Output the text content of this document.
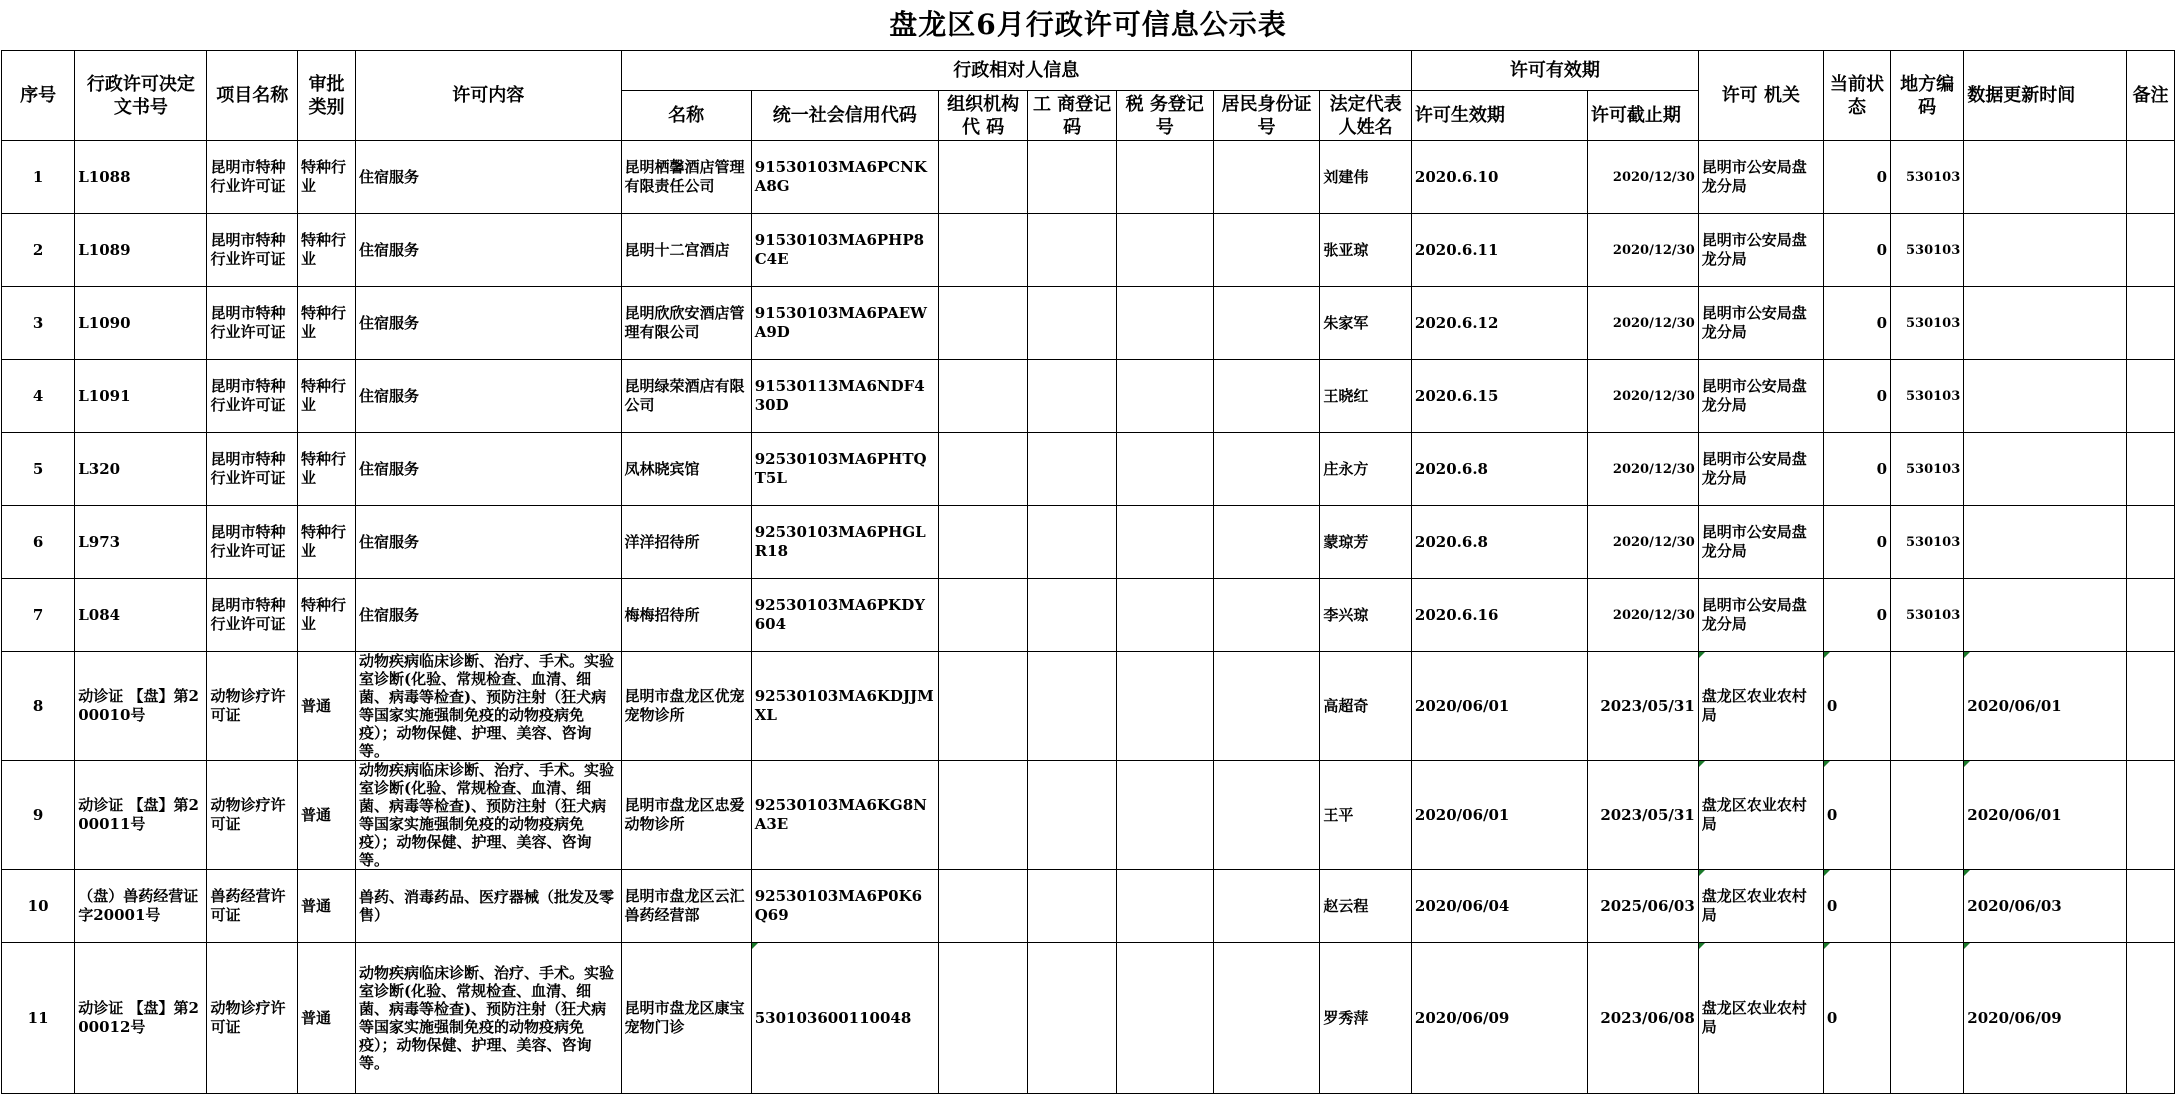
盘龙区6月行政许可信息公示表
序号	行政许可决定文书号	项目名称	审批类别	许可内容	行政相对人信息							许可有效期		许可 机关	当前状态	地方编码	数据更新时间	备注
					名称	统一社会信用代码	组织机构代 码	工 商登记码	税 务登记号	居民身份证号	法定代表人姓名	许可生效期	许可截止期					
1	L1088	昆明市特种行业许可证	特种行业	住宿服务	昆明栖馨酒店管理有限责任公司	91530103MA6PCNKA8G					刘建伟	2020.6.10	2020/12/30	昆明市公安局盘龙分局	0	530103		
2	L1089	昆明市特种行业许可证	特种行业	住宿服务	昆明十二宫酒店	91530103MA6PHP8C4E					张亚琼	2020.6.11	2020/12/30	昆明市公安局盘龙分局	0	530103		
3	L1090	昆明市特种行业许可证	特种行业	住宿服务	昆明欣欣安酒店管理有限公司	91530103MA6PAEWA9D					朱家军	2020.6.12	2020/12/30	昆明市公安局盘龙分局	0	530103		
4	L1091	昆明市特种行业许可证	特种行业	住宿服务	昆明绿荣酒店有限公司	91530113MA6NDF430D					王晓红	2020.6.15	2020/12/30	昆明市公安局盘龙分局	0	530103		
5	L320	昆明市特种行业许可证	特种行业	住宿服务	凤林晓宾馆	92530103MA6PHTQT5L					庄永方	2020.6.8	2020/12/30	昆明市公安局盘龙分局	0	530103		
6	L973	昆明市特种行业许可证	特种行业	住宿服务	洋洋招待所	92530103MA6PHGLR18					蒙琼芳	2020.6.8	2020/12/30	昆明市公安局盘龙分局	0	530103		
7	L084	昆明市特种行业许可证	特种行业	住宿服务	梅梅招待所	92530103MA6PKDY604					李兴琼	2020.6.16	2020/12/30	昆明市公安局盘龙分局	0	530103		
8	动诊证 【盘】第200010号	动物诊疗许可证	普通	动物疾病临床诊断、治疗、手术。实验室诊断(化验、常规检查、血清、细菌、病毒等检查)、预防注射（狂犬病等国家实施强制免疫的动物疫病免疫）；动物保健、护理、美容、咨询等。	昆明市盘龙区优宠宠物诊所	92530103MA6KDJJMXL					高超奇	2020/06/01	2023/05/31	盘龙区农业农村局	0		2020/06/01	
9	动诊证 【盘】第200011号	动物诊疗许可证	普通	动物疾病临床诊断、治疗、手术。实验室诊断(化验、常规检查、血清、细菌、病毒等检查)、预防注射（狂犬病等国家实施强制免疫的动物疫病免疫）；动物保健、护理、美容、咨询等。	昆明市盘龙区忠爱动物诊所	92530103MA6KG8NA3E					王平	2020/06/01	2023/05/31	盘龙区农业农村局	0		2020/06/01	
10	（盘）兽药经营证字20001号	兽药经营许可证	普通	兽药、消毒药品、医疗器械（批发及零售）	昆明市盘龙区云汇兽药经营部	92530103MA6P0K6Q69					赵云程	2020/06/04	2025/06/03	盘龙区农业农村局	0		2020/06/03	
11	动诊证 【盘】第200012号	动物诊疗许可证	普通	动物疾病临床诊断、治疗、手术。实验室诊断(化验、常规检查、血清、细菌、病毒等检查)、预防注射（狂犬病等国家实施强制免疫的动物疫病免疫）；动物保健、护理、美容、咨询等。	昆明市盘龙区康宝宠物门诊	530103600110048					罗秀萍	2020/06/09	2023/06/08	盘龙区农业农村局	0		2020/06/09	
